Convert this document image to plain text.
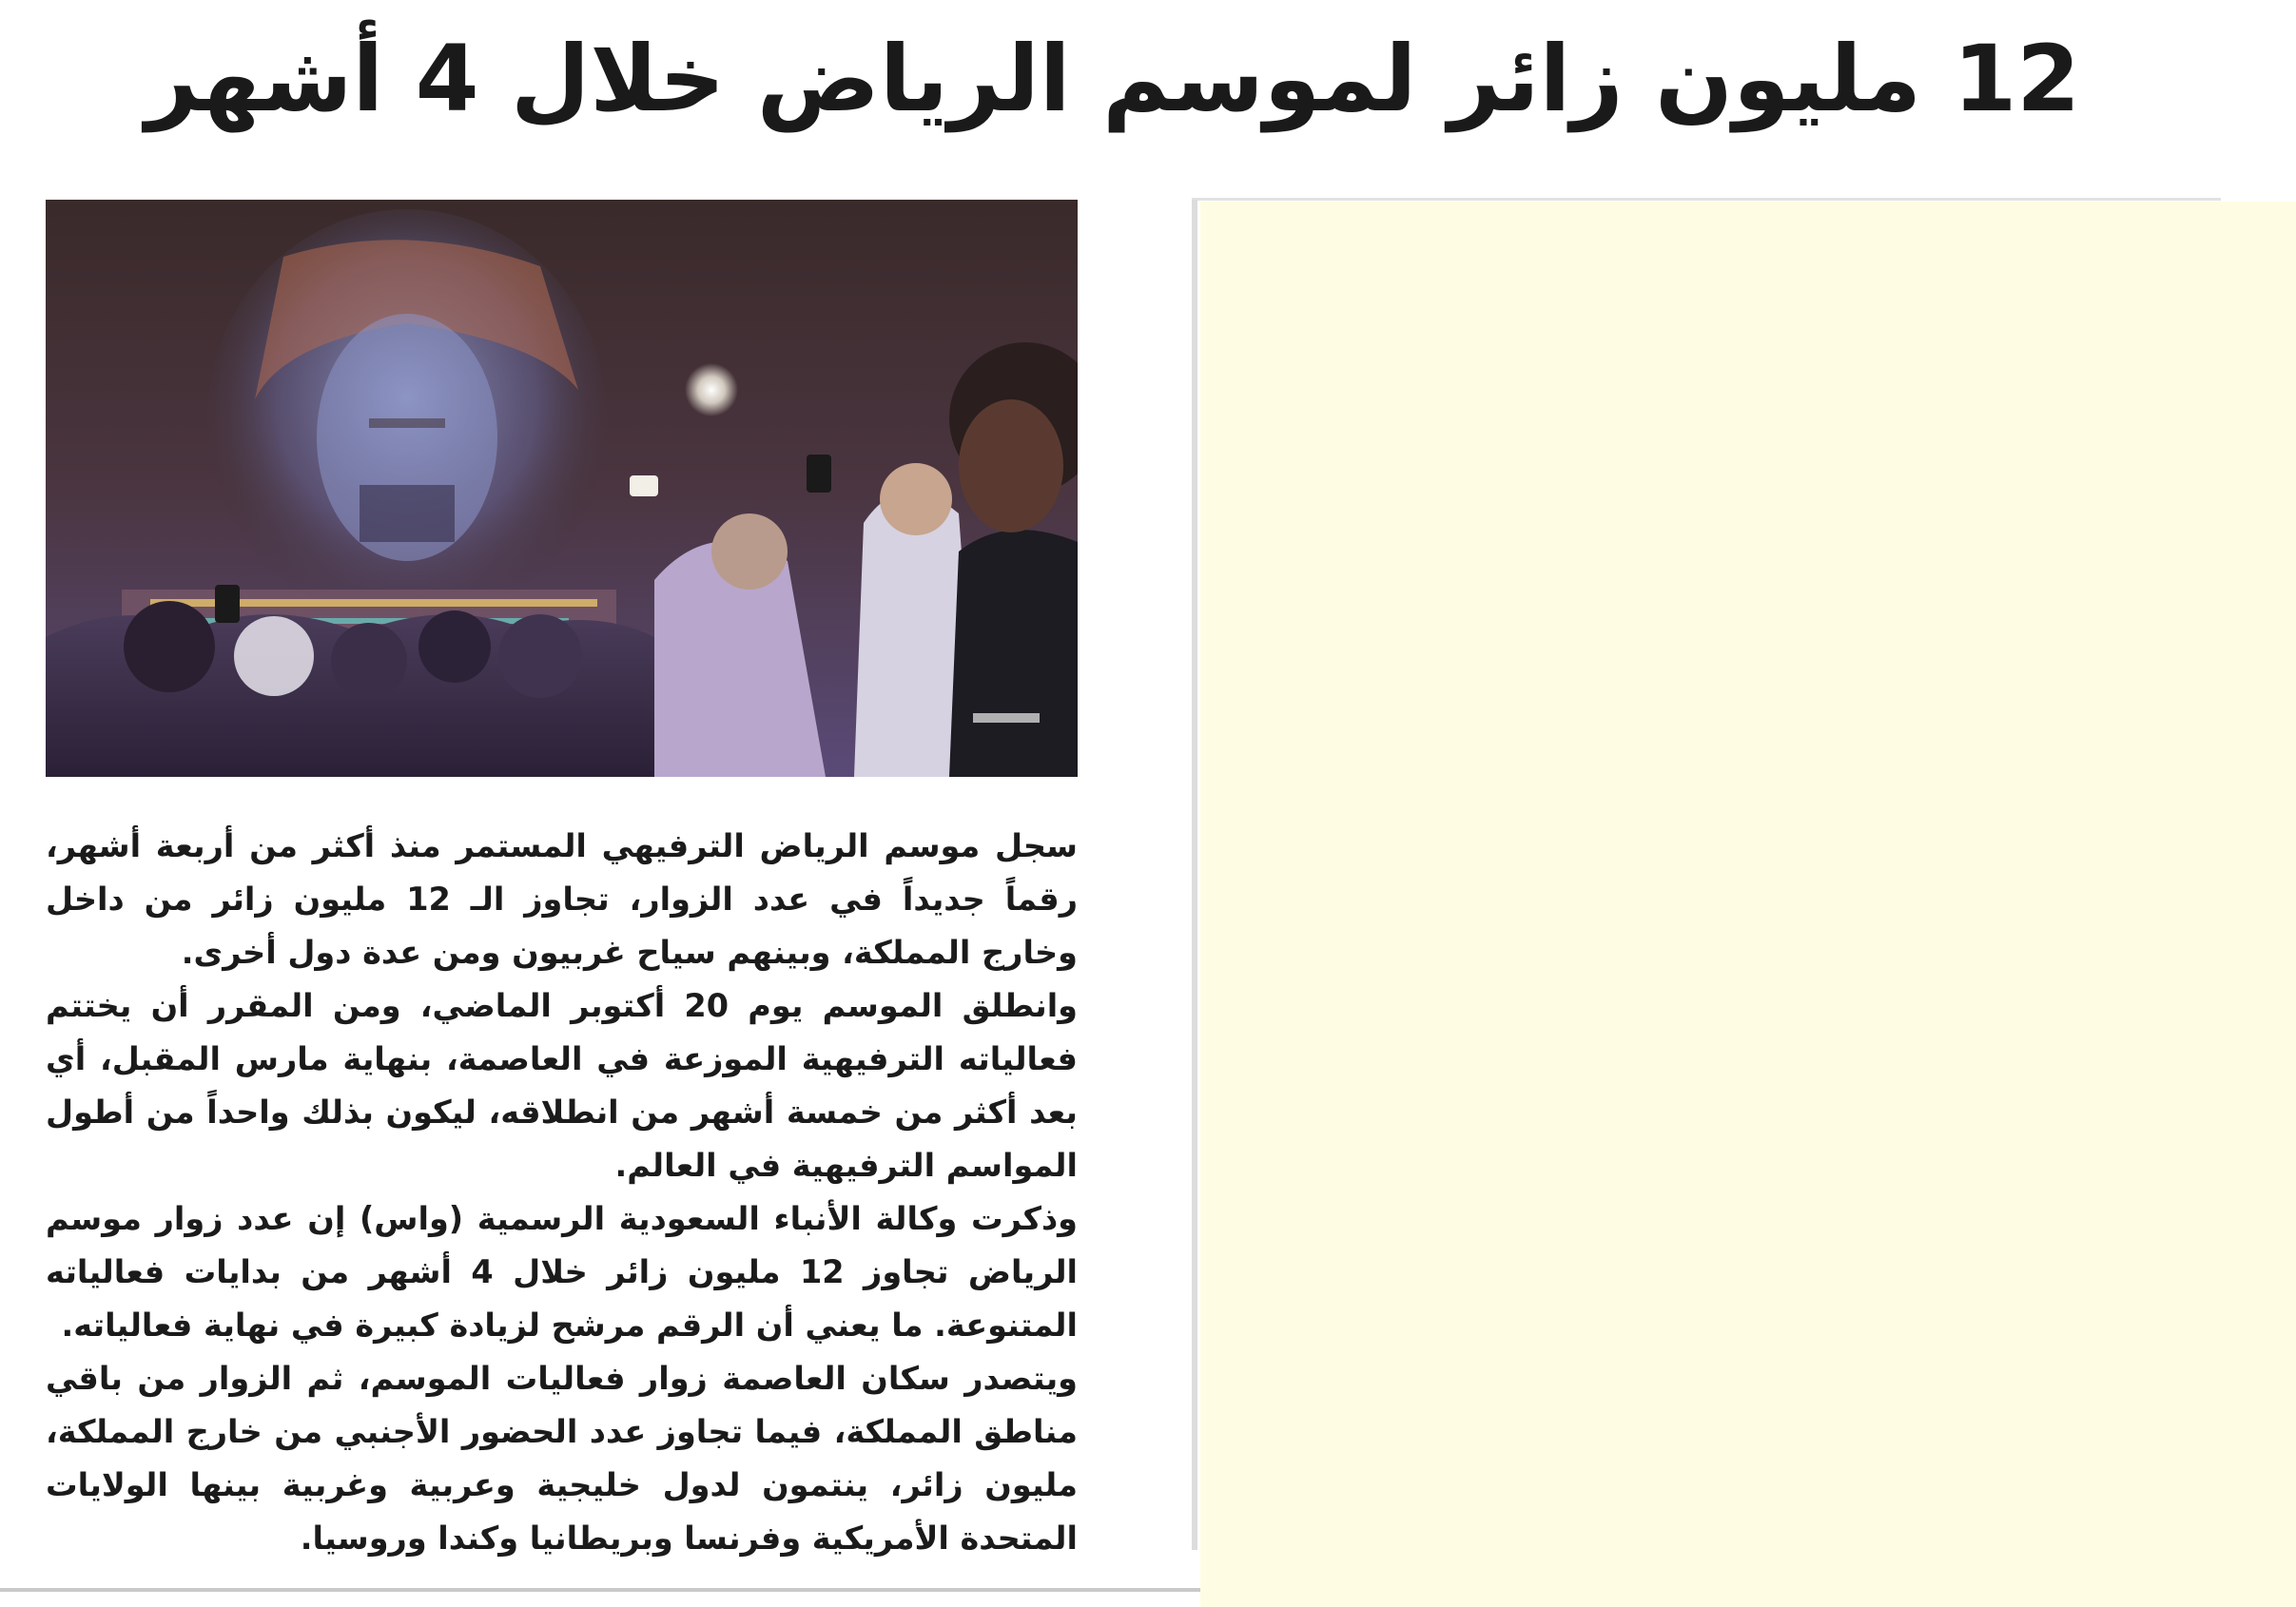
12 مليون زائر لموسم الرياض خلال 4 أشهر

سجل موسم الرياض الترفيهي المستمر منذ أكثر من أربعة أشهر، رقماً جديداً في عدد الزوار، تجاوز الـ 12 مليون زائر من داخل وخارج المملكة، وبينهم سياح غربيون ومن عدة دول أخرى.

وانطلق الموسم يوم 20 أكتوبر الماضي، ومن المقرر أن يختتم فعالياته الترفيهية الموزعة في العاصمة، بنهاية مارس المقبل، أي بعد أكثر من خمسة أشهر من انطلاقه، ليكون بذلك واحداً من أطول المواسم الترفيهية في العالم.

وذكرت وكالة الأنباء السعودية الرسمية (واس) إن عدد زوار موسم الرياض تجاوز 12 مليون زائر خلال 4 أشهر من بدايات فعالياته المتنوعة. ما يعني أن الرقم مرشح لزيادة كبيرة في نهاية فعالياته.

ويتصدر سكان العاصمة زوار فعاليات الموسم، ثم الزوار من باقي مناطق المملكة، فيما تجاوز عدد الحضور الأجنبي من خارج المملكة، مليون زائر، ينتمون لدول خليجية وعربية وغربية بينها الولايات المتحدة الأمريكية وفرنسا وبريطانيا وكندا وروسيا.
